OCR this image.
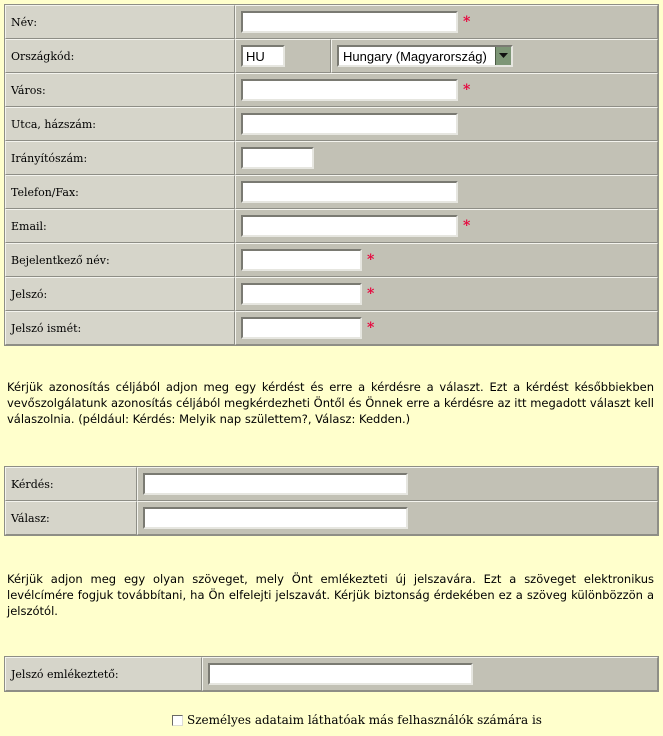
Név:	*	
Országkód:	HU	Hungary (Magyarország)

Város:	*	
Utca, házszám:	
Irányítószám:	
Telefon/Fax:	
Email:	*	
Bejelentkező név:	*	
Jelszó:	*	
Jelszó ismét:	*	

Kérjük azonosítás céljából adjon meg egy kérdést és erre a kérdésre a választ. Ezt a kérdést későbbiekben vevőszolgálatunk azonosítás céljából megkérdezheti Öntől és Önnek erre a kérdésre az itt megadott választ kell válaszolnia. (például: Kérdés: Melyik nap születtem?, Válasz: Kedden.)

Kérdés:	
Válasz:	

Kérjük adjon meg egy olyan szöveget, mely Önt emlékezteti új jelszavára. Ezt a szöveget elektronikus levélcímére fogjuk továbbítani, ha Ön elfelejti jelszavát. Kérjük biztonság érdekében ez a szöveg különbözzön a jelszótól.

Jelszó emlékeztető:	
Személyes adataim láthatóak más felhasználók számára is
